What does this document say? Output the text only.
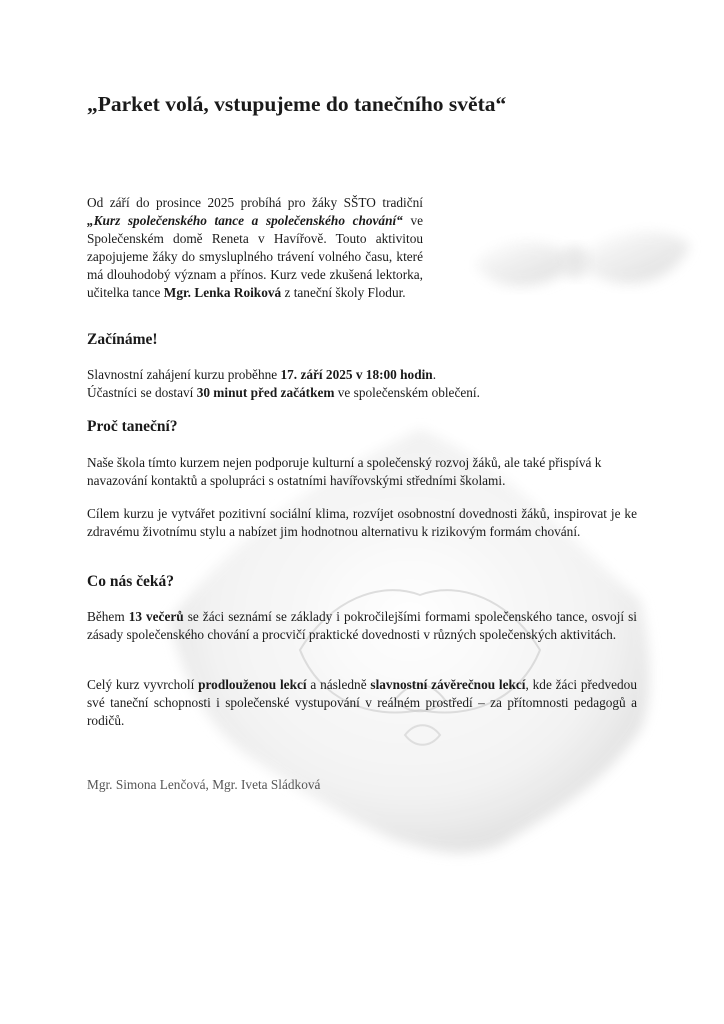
„Parket volá, vstupujeme do tanečního světa“

Od září do prosince 2025 probíhá pro žáky SŠTO tradiční „Kurz společenského tance a společenského chování“ ve Společenském domě Reneta v Havířově. Touto aktivitou zapojujeme žáky do smysluplného trávení volného času, které má dlouhodobý význam a přínos. Kurz vede zkušená lektorka, učitelka tance Mgr. Lenka Roiková z taneční školy Flodur.

Začínáme!

Slavnostní zahájení kurzu proběhne 17. září 2025 v 18:00 hodin.
Účastníci se dostaví 30 minut před začátkem ve společenském oblečení.

Proč taneční?

Naše škola tímto kurzem nejen podporuje kulturní a společenský rozvoj žáků, ale také přispívá k navazování kontaktů a spolupráci s ostatními havířovskými středními školami.

Cílem kurzu je vytvářet pozitivní sociální klima, rozvíjet osobnostní dovednosti žáků, inspirovat je ke zdravému životnímu stylu a nabízet jim hodnotnou alternativu k rizikovým formám chování.

Co nás čeká?

Během 13 večerů se žáci seznámí se základy i pokročilejšími formami společenského tance, osvojí si zásady společenského chování a procvičí praktické dovednosti v různých společenských aktivitách.

Celý kurz vyvrcholí prodlouženou lekcí a následně slavnostní závěrečnou lekcí, kde žáci předvedou své taneční schopnosti i společenské vystupování v reálném prostředí – za přítomnosti pedagogů a rodičů.

Mgr. Simona Lenčová, Mgr. Iveta Sládková
